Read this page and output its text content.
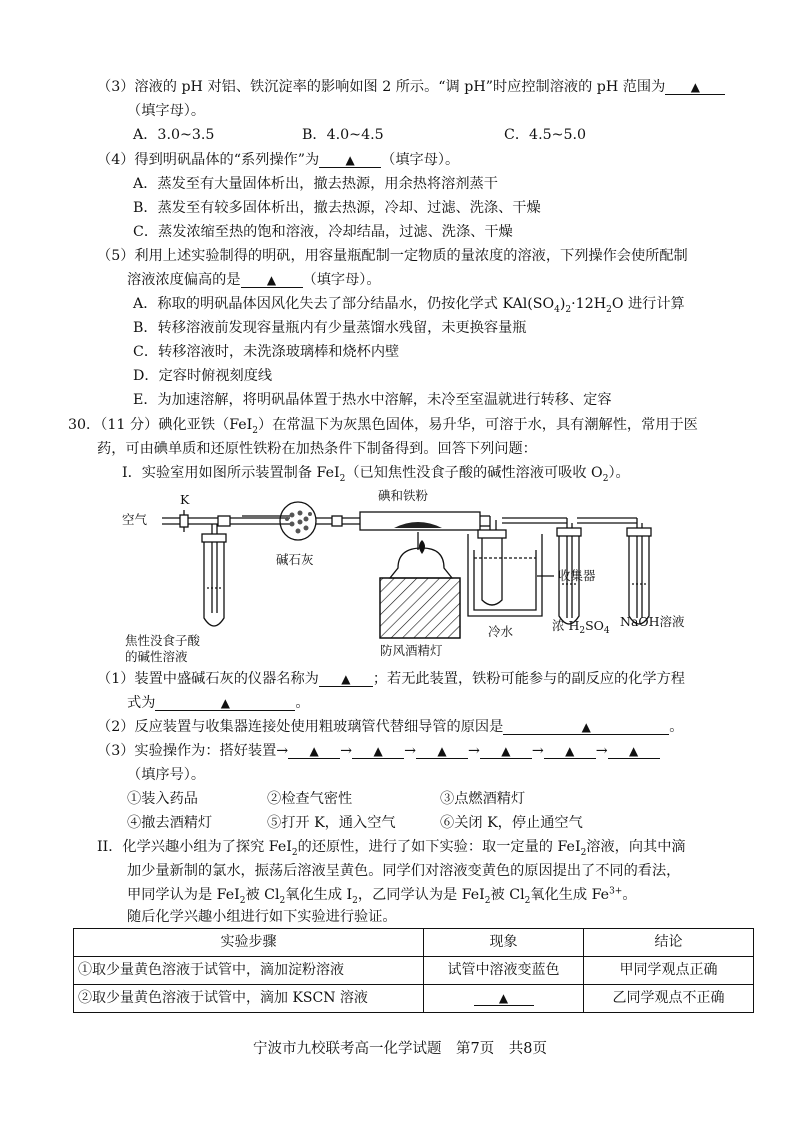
（3）溶液的 pH 对铝、铁沉淀率的影响如图 2 所示。“调 pH”时应控制溶液的 pH 范围为 ▲
（填字母）。
A．3.0~3.5	B．4.0~4.5	C．4.5~5.0
（4）得到明矾晶体的“系列操作”为 ▲ （填字母）。
A．蒸发至有大量固体析出，撤去热源，用余热将溶剂蒸干
B．蒸发至有较多固体析出，撤去热源，冷却、过滤、洗涤、干燥
C．蒸发浓缩至热的饱和溶液，冷却结晶，过滤、洗涤、干燥
（5）利用上述实验制得的明矾，用容量瓶配制一定物质的量浓度的溶液，下列操作会使所配制
溶液浓度偏高的是 ▲ （填字母）。
A．称取的明矾晶体因风化失去了部分结晶水，仍按化学式 $KAl(SO_4)_2\cdot 12H_2O$ 进行计算
B．转移溶液前发现容量瓶内有少量蒸馏水残留，未更换容量瓶
C．转移溶液时，未洗涤玻璃棒和烧杯内壁
D．定容时俯视刻度线
E．为加速溶解，将明矾晶体置于热水中溶解，未冷至室温就进行转移、定容
30．（11 分）碘化亚铁（FeI$_2$）在常温下为灰黑色固体，易升华，可溶于水，具有潮解性，常用于医
药，可由碘单质和还原性铁粉在加热条件下制备得到。回答下列问题：
I．实验室用如图所示装置制备 FeI$_2$（已知焦性没食子酸的碱性溶液可吸收 $O_2$）。
空气
K	碘和铁粉
碱石灰
收集器
冷水	浓 $H_2SO_4$
NaOH溶液
焦性没食子酸
的碱性溶液	防风酒精灯
（1）装置中盛碱石灰的仪器名称为 ▲ ；若无此装置，铁粉可能参与的副反应的化学方程
式为	▲	。
（2）反应装置与收集器连接处使用粗玻璃管代替细导管的原因是	▲	。
（3）实验操作为：搭好装置→ ▲ → ▲ → ▲ → ▲ → ▲ → ▲
（填序号）。
①装入药品	②检查气密性	③点燃酒精灯
④撤去酒精灯	⑤打开 K，通入空气	⑥关闭 K，停止通空气
II．化学兴趣小组为了探究 FeI$_2$的还原性，进行了如下实验：取一定量的 FeI$_2$溶液，向其中滴
加少量新制的氯水，振荡后溶液呈黄色。同学们对溶液变黄色的原因提出了不同的看法，
甲同学认为是 FeI$_2$被 $Cl_2$氧化生成 $I_2$，乙同学认为是 FeI$_2$被 $Cl_2$氧化生成 $Fe^{3+}$。
随后化学兴趣小组进行如下实验进行验证。
实验步骤	现象	结论
①取少量黄色溶液于试管中，滴加淀粉溶液	试管中溶液变蓝色	甲同学观点正确
②取少量黄色溶液于试管中，滴加 KSCN 溶液	▲	乙同学观点不正确
宁波市九校联考高一化学试题　第7页　共8页
